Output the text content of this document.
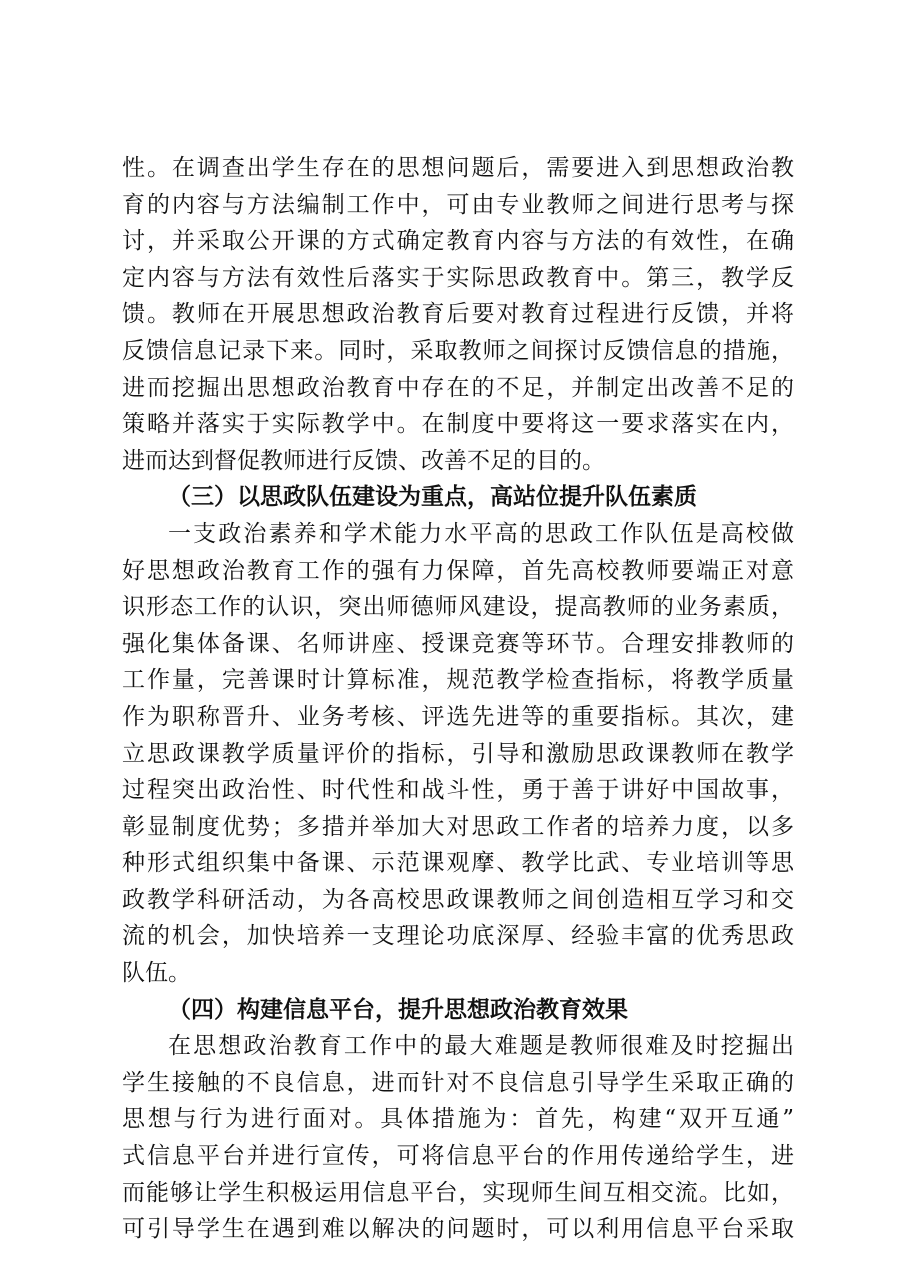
性。在调查出学生存在的思想问题后，需要进入到思想政治教
育的内容与方法编制工作中，可由专业教师之间进行思考与探
讨，并采取公开课的方式确定教育内容与方法的有效性，在确
定内容与方法有效性后落实于实际思政教育中。第三，教学反
馈。教师在开展思想政治教育后要对教育过程进行反馈，并将
反馈信息记录下来。同时，采取教师之间探讨反馈信息的措施，
进而挖掘出思想政治教育中存在的不足，并制定出改善不足的
策略并落实于实际教学中。在制度中要将这一要求落实在内，
进而达到督促教师进行反馈、改善不足的目的。
（三）以思政队伍建设为重点，高站位提升队伍素质
一支政治素养和学术能力水平高的思政工作队伍是高校做
好思想政治教育工作的强有力保障，首先高校教师要端正对意
识形态工作的认识，突出师德师风建设，提高教师的业务素质，
强化集体备课、名师讲座、授课竞赛等环节。合理安排教师的
工作量，完善课时计算标准，规范教学检查指标，将教学质量
作为职称晋升、业务考核、评选先进等的重要指标。其次，建
立思政课教学质量评价的指标，引导和激励思政课教师在教学
过程突出政治性、时代性和战斗性，勇于善于讲好中国故事，
彰显制度优势；多措并举加大对思政工作者的培养力度，以多
种形式组织集中备课、示范课观摩、教学比武、专业培训等思
政教学科研活动，为各高校思政课教师之间创造相互学习和交
流的机会，加快培养一支理论功底深厚、经验丰富的优秀思政
队伍。
（四）构建信息平台，提升思想政治教育效果
在思想政治教育工作中的最大难题是教师很难及时挖掘出
学生接触的不良信息，进而针对不良信息引导学生采取正确的
思想与行为进行面对。具体措施为：首先，构建“双开互通”
式信息平台并进行宣传，可将信息平台的作用传递给学生，进
而能够让学生积极运用信息平台，实现师生间互相交流。比如，
可引导学生在遇到难以解决的问题时，可以利用信息平台采取
